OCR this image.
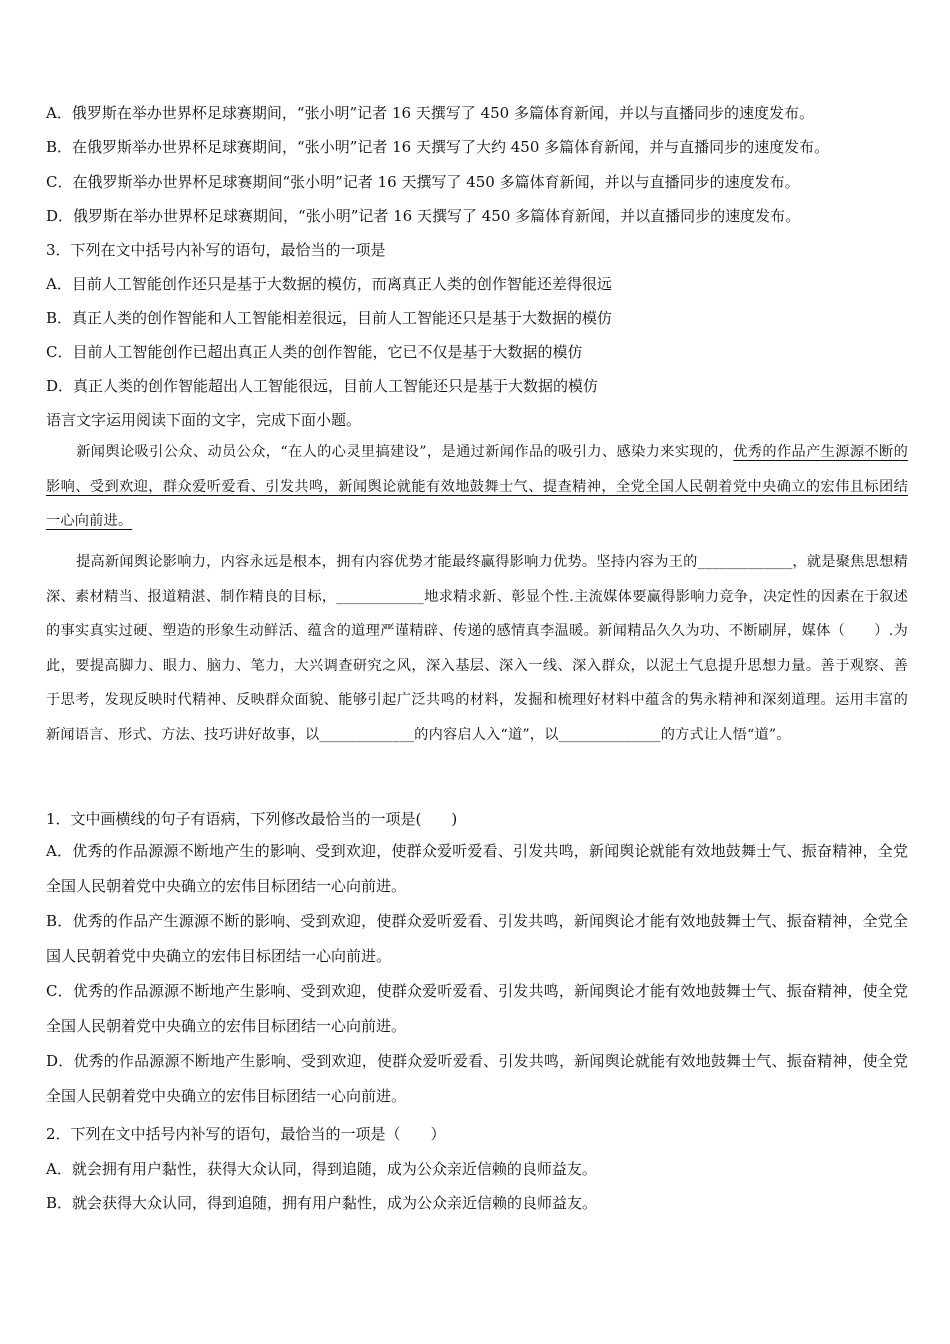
A．俄罗斯在举办世界杯足球赛期间，“张小明”记者 16 天撰写了 450 多篇体育新闻，并以与直播同步的速度发布。
B．在俄罗斯举办世界杯足球赛期间，“张小明”记者 16 天撰写了大约 450 多篇体育新闻，并与直播同步的速度发布。
C．在俄罗斯举办世界杯足球赛期间“张小明”记者 16 天撰写了 450 多篇体育新闻，并以与直播同步的速度发布。
D．俄罗斯在举办世界杯足球赛期间，“张小明”记者 16 天撰写了 450 多篇体育新闻，并以直播同步的速度发布。
3．下列在文中括号内补写的语句，最恰当的一项是
A．目前人工智能创作还只是基于大数据的模仿，而离真正人类的创作智能还差得很远
B．真正人类的创作智能和人工智能相差很远，目前人工智能还只是基于大数据的模仿
C．目前人工智能创作已超出真正人类的创作智能，它已不仅是基于大数据的模仿
D．真正人类的创作智能超出人工智能很远，目前人工智能还只是基于大数据的模仿
语言文字运用阅读下面的文字，完成下面小题。
新闻舆论吸引公众、动员公众，“在人的心灵里搞建设”，是通过新闻作品的吸引力、感染力来实现的，优秀的作品产生源源不断的影响、受到欢迎，群众爱听爱看、引发共鸣，新闻舆论就能有效地鼓舞士气、提查精神，全党全国人民朝着党中央确立的宏伟且标团结一心向前进。
提高新闻舆论影响力，内容永远是根本，拥有内容优势才能最终赢得影响力优势。坚持内容为王的_____________，就是聚焦思想精深、素材精当、报道精湛、制作精良的目标，____________地求精求新、彰显个性.主流媒体要赢得影响力竞争，决定性的因素在于叙述的事实真实过硬、塑造的形象生动鲜活、蕴含的道理严谨精辟、传递的感情真李温暖。新闻精品久久为功、不断刷屏，媒体（　　）.为此，要提高脚力、眼力、脑力、笔力，大兴调查研究之风，深入基层、深入一线、深入群众，以泥土气息提升思想力量。善于观察、善于思考，发现反映时代精神、反映群众面貌、能够引起广泛共鸣的材料，发掘和梳理好材料中蕴含的隽永精神和深刻道理。运用丰富的新闻语言、形式、方法、技巧讲好故事，以_____________的内容启人入“道”，以______________的方式让人悟“道”。
1．文中画横线的句子有语病，下列修改最恰当的一项是(　　)
A．优秀的作品源源不断地产生的影响、受到欢迎，使群众爱听爱看、引发共鸣，新闻舆论就能有效地鼓舞士气、振奋精神，全党全国人民朝着党中央确立的宏伟目标团结一心向前进。
B．优秀的作品产生源源不断的影响、受到欢迎，使群众爱听爱看、引发共鸣，新闻舆论才能有效地鼓舞士气、振奋精神，全党全国人民朝着党中央确立的宏伟目标团结一心向前进。
C．优秀的作品源源不断地产生影响、受到欢迎，使群众爱听爱看、引发共鸣，新闻舆论才能有效地鼓舞士气、振奋精神，使全党全国人民朝着党中央确立的宏伟目标团结一心向前进。
D．优秀的作品源源不断地产生影响、受到欢迎，使群众爱听爱看、引发共鸣，新闻舆论就能有效地鼓舞士气、振奋精神，使全党全国人民朝着党中央确立的宏伟目标团结一心向前进。
2．下列在文中括号内补写的语句，最恰当的一项是（　　）
A．就会拥有用户黏性，获得大众认同，得到追随，成为公众亲近信赖的良师益友。
B．就会获得大众认同，得到追随，拥有用户黏性，成为公众亲近信赖的良师益友。
